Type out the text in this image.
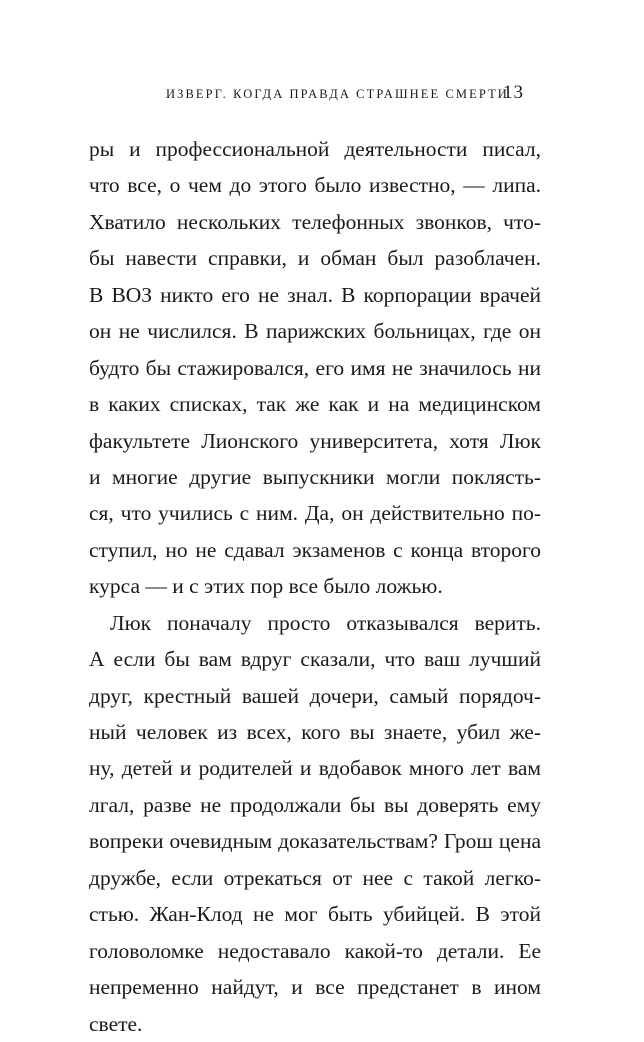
ИЗВЕРГ. КОГДА ПРАВДА СТРАШНЕЕ СМЕРТИ
13
ры и профессиональной деятельности писал,
что все, о чем до этого было известно, — липа.
Хватило нескольких телефонных звонков, что-
бы навести справки, и обман был разоблачен.
В ВОЗ никто его не знал. В корпорации врачей
он не числился. В парижских больницах, где он
будто бы стажировался, его имя не значилось ни
в каких списках, так же как и на медицинском
факультете Лионского университета, хотя Люк
и многие другие выпускники могли поклясть-
ся, что учились с ним. Да, он действительно по-
ступил, но не сдавал экзаменов с конца второго
курса — и с этих пор все было ложью.
Люк поначалу просто отказывался верить.
А если бы вам вдруг сказали, что ваш лучший
друг, крестный вашей дочери, самый порядоч-
ный человек из всех, кого вы знаете, убил же-
ну, детей и родителей и вдобавок много лет вам
лгал, разве не продолжали бы вы доверять ему
вопреки очевидным доказательствам? Грош цена
дружбе, если отрекаться от нее с такой легко-
стью. Жан-Клод не мог быть убийцей. В этой
головоломке недоставало какой-то детали. Ее
непременно найдут, и все предстанет в ином
свете.
